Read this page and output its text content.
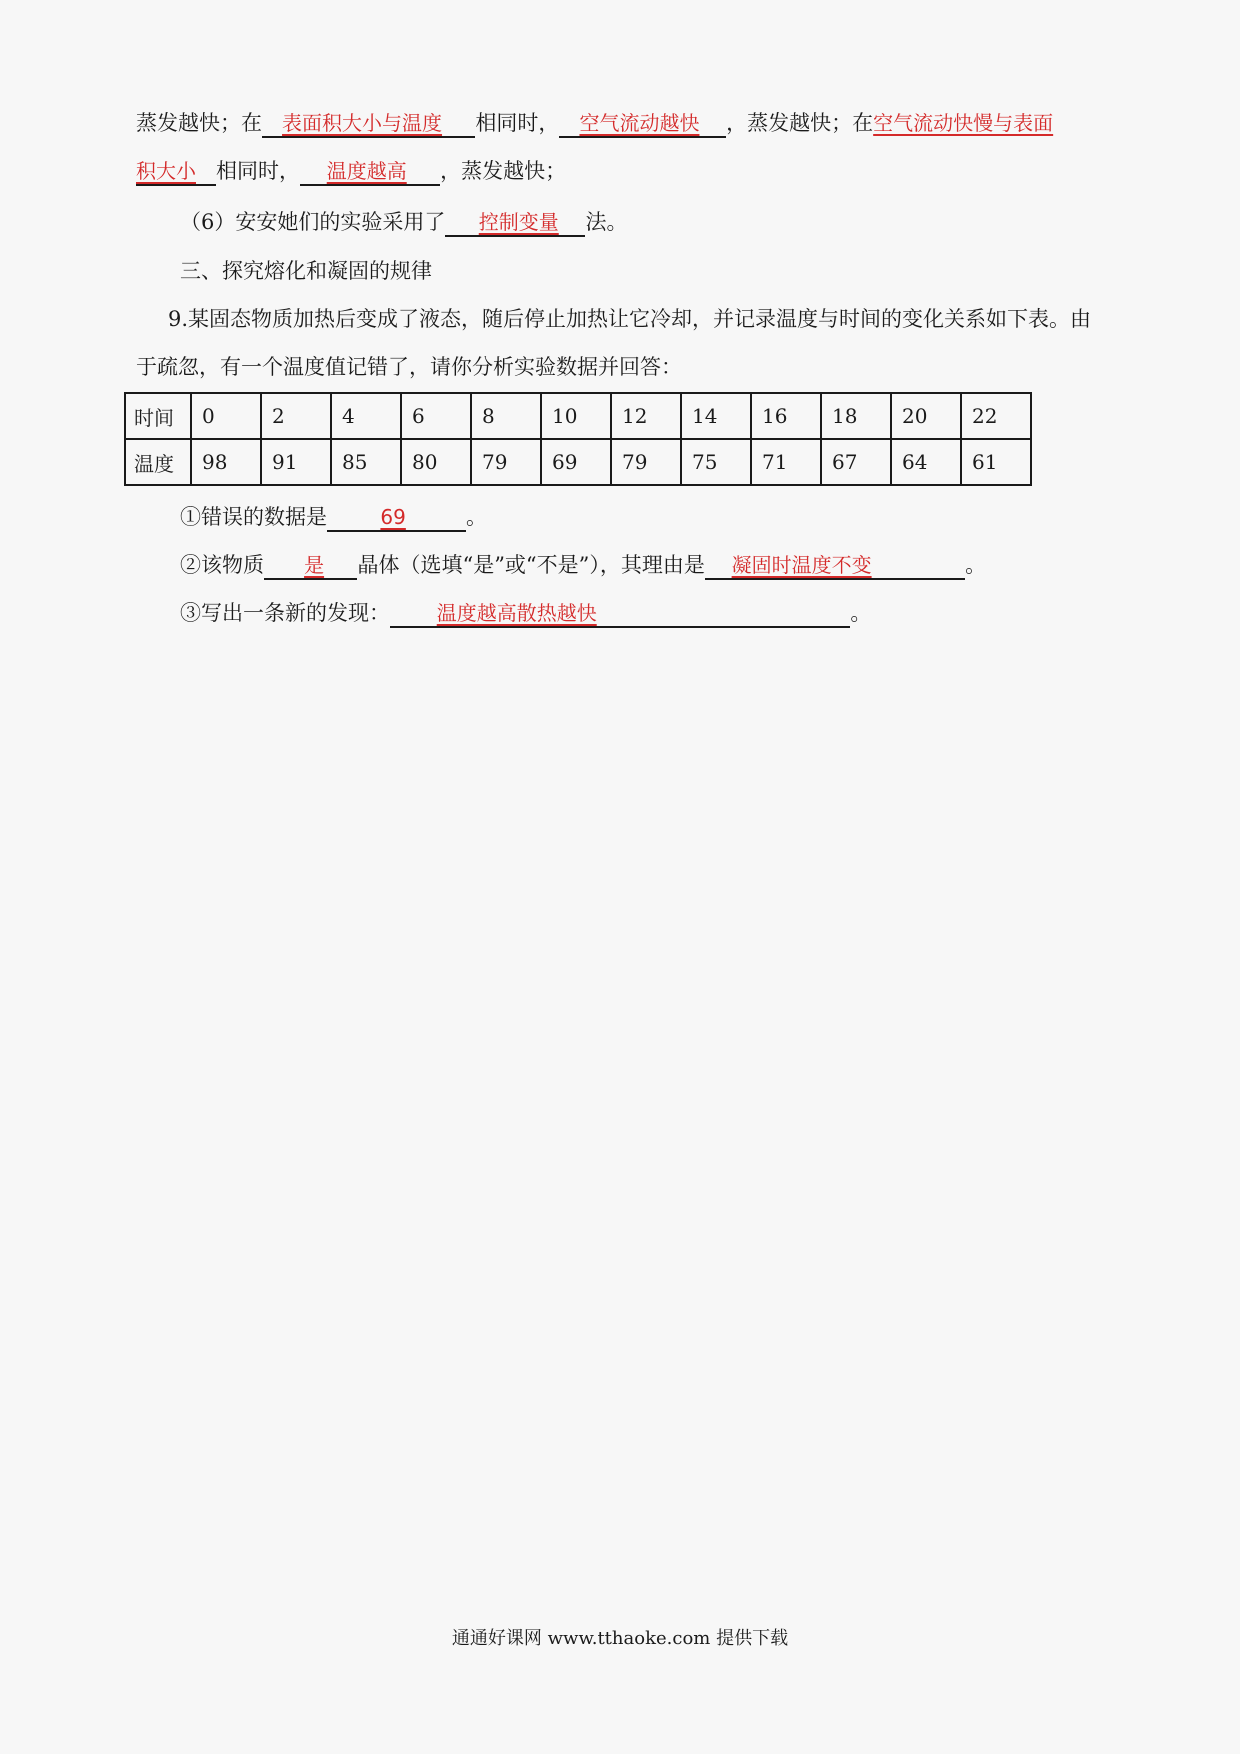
蒸发越快；在 表面积大小与温度 相同时， 空气流动越快 ，蒸发越快；在空气流动快慢与表面
积大小 相同时， 温度越高 ，蒸发越快；
（6）安安她们的实验采用了 控制变量 法。
三、探究熔化和凝固的规律
9.某固态物质加热后变成了液态，随后停止加热让它冷却，并记录温度与时间的变化关系如下表。由
于疏忽，有一个温度值记错了，请你分析实验数据并回答：
时间	0	2	4	6	8	10	12	14	16	18	20	22
温度	98	91	85	80	79	69	79	75	71	67	64	61
①错误的数据是	69	。
②该物质 是 晶体（选填“是”或“不是”），其理由是 凝固时温度不变	。
③写出一条新的发现： 温度越高散热越快	。
通通好课网 www.tthaoke.com 提供下载
